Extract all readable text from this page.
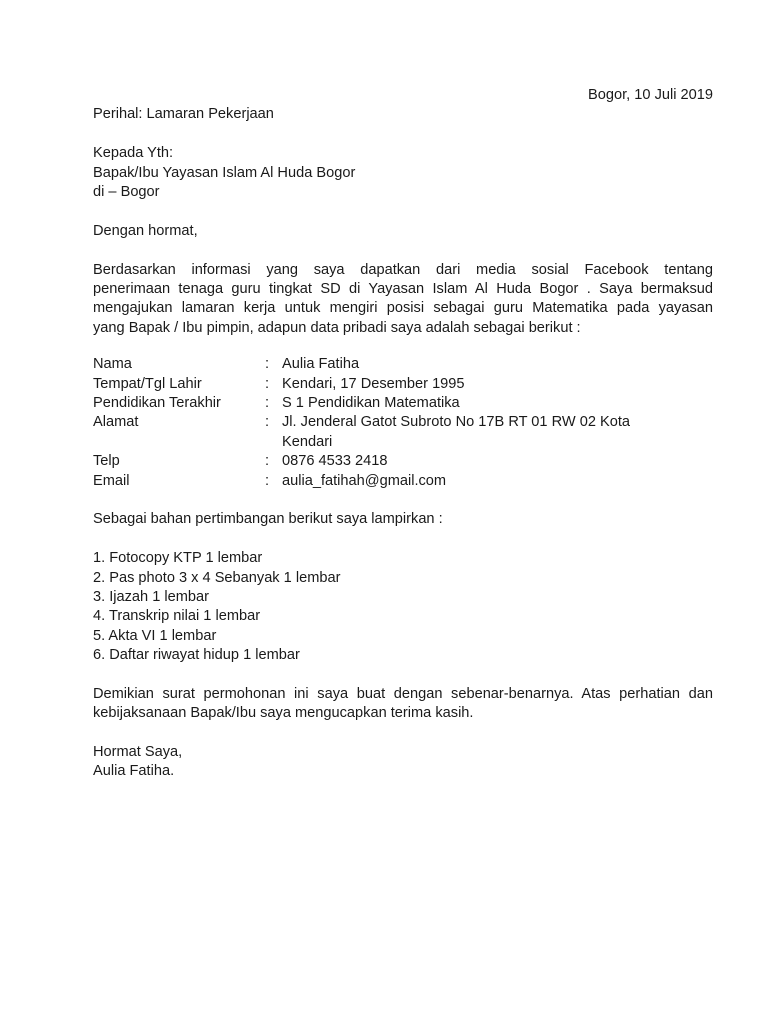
Bogor, 10 Juli 2019
Perihal: Lamaran Pekerjaan
Kepada Yth:
Bapak/Ibu Yayasan Islam Al Huda Bogor
di – Bogor
Dengan hormat,
Berdasarkan informasi yang saya dapatkan dari media sosial Facebook tentang
penerimaan tenaga guru tingkat SD di Yayasan Islam Al Huda Bogor . Saya bermaksud
mengajukan lamaran kerja untuk mengiri posisi sebagai guru Matematika pada yayasan
yang Bapak / Ibu pimpin, adapun data pribadi saya adalah sebagai berikut :
Nama	: Aulia Fatiha
Tempat/Tgl Lahir	: Kendari, 17 Desember 1995
Pendidikan Terakhir	: S 1 Pendidikan Matematika
Alamat	: Jl. Jenderal Gatot Subroto No 17B RT 01 RW 02 Kota
Kendari
Telp	: 0876 4533 2418
Email	: aulia_fatihah@gmail.com
Sebagai bahan pertimbangan berikut saya lampirkan :
1. Fotocopy KTP 1 lembar
2. Pas photo 3 x 4 Sebanyak 1 lembar
3. Ijazah 1 lembar
4. Transkrip nilai 1 lembar
5. Akta VI 1 lembar
6. Daftar riwayat hidup 1 lembar
Demikian surat permohonan ini saya buat dengan sebenar-benarnya. Atas perhatian dan
kebijaksanaan Bapak/Ibu saya mengucapkan terima kasih.
Hormat Saya,
Aulia Fatiha.
